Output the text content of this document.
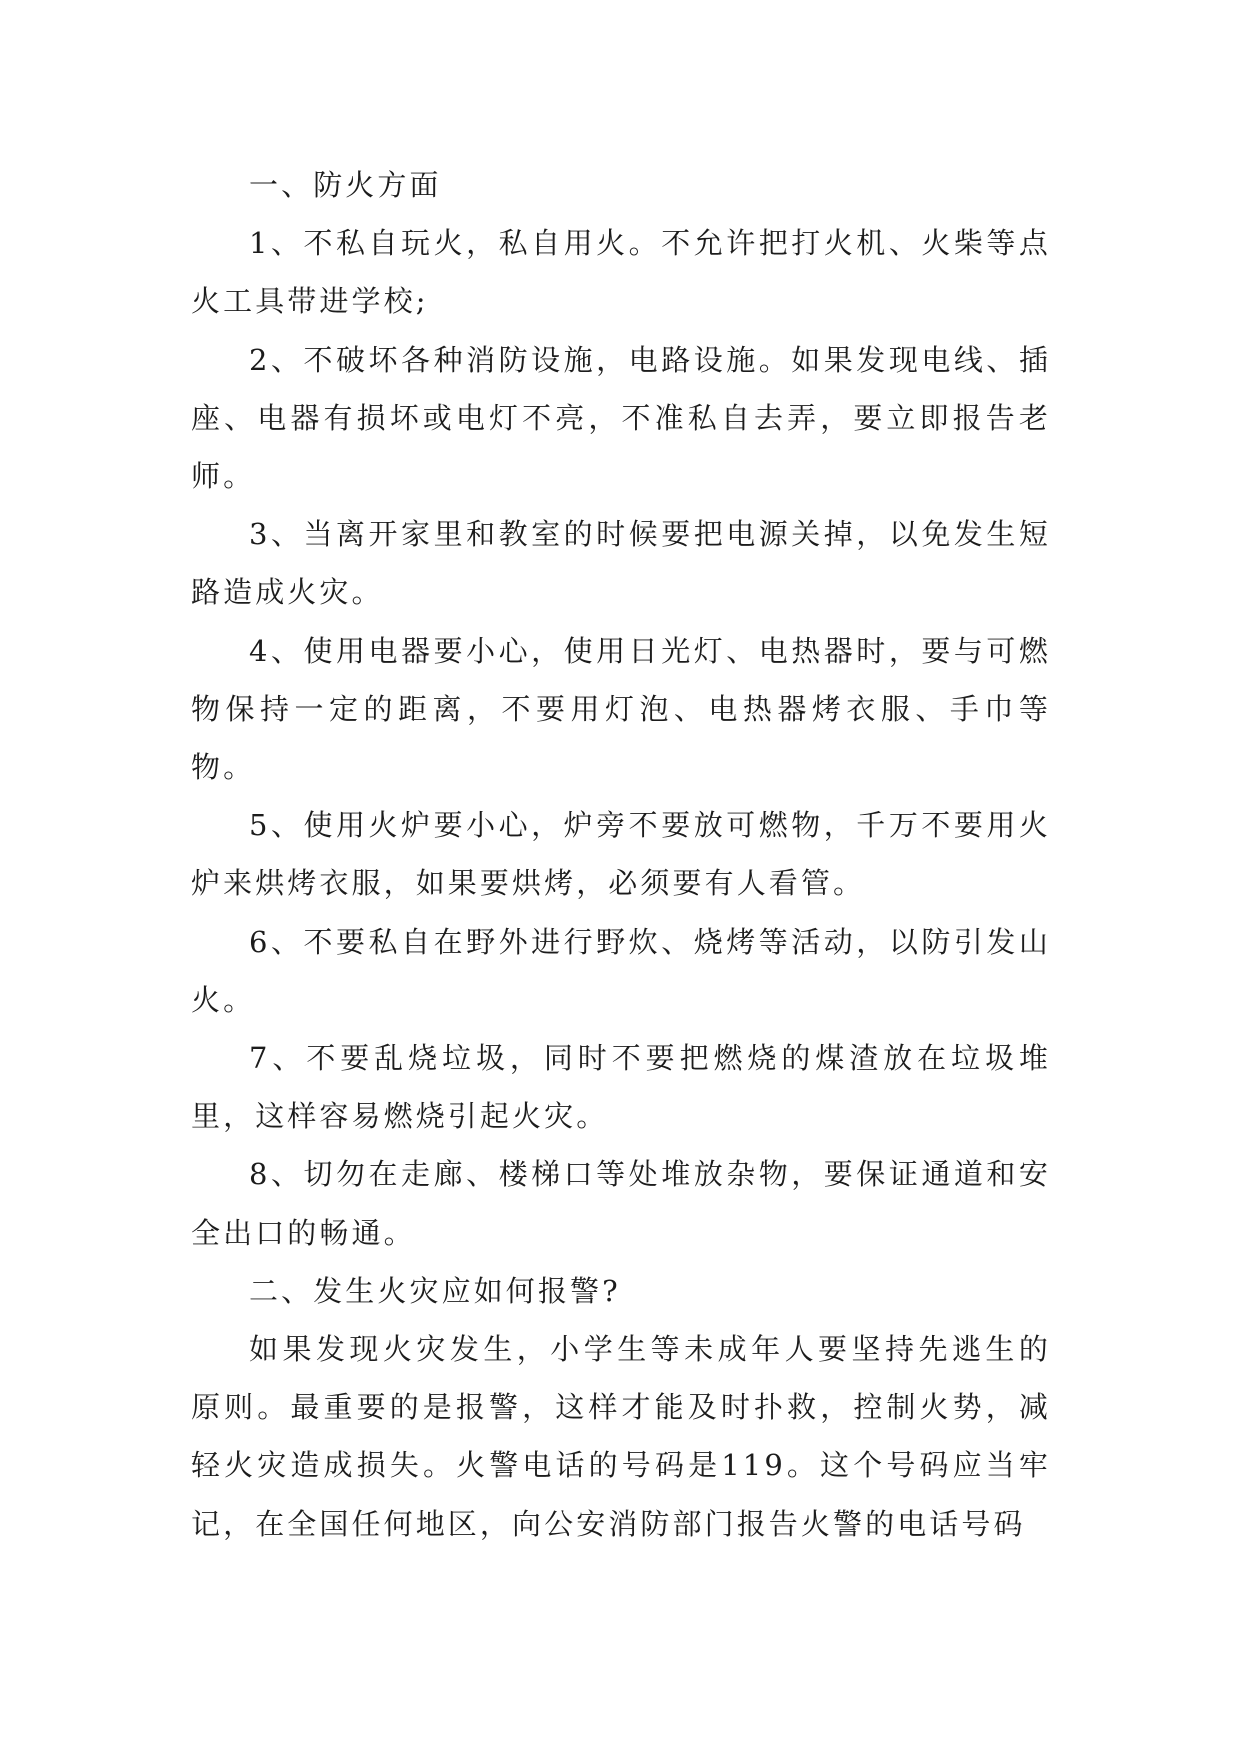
一、防火方面

1、不私自玩火，私自用火。不允许把打火机、火柴等点火工具带进学校;

2、不破坏各种消防设施，电路设施。如果发现电线、插座、电器有损坏或电灯不亮，不准私自去弄，要立即报告老师。

3、当离开家里和教室的时候要把电源关掉，以免发生短路造成火灾。

4、使用电器要小心，使用日光灯、电热器时，要与可燃物保持一定的距离，不要用灯泡、电热器烤衣服、手巾等物。

5、使用火炉要小心，炉旁不要放可燃物，千万不要用火炉来烘烤衣服，如果要烘烤，必须要有人看管。

6、不要私自在野外进行野炊、烧烤等活动，以防引发山火。

7、不要乱烧垃圾，同时不要把燃烧的煤渣放在垃圾堆里，这样容易燃烧引起火灾。

8、切勿在走廊、楼梯口等处堆放杂物，要保证通道和安全出口的畅通。

二、发生火灾应如何报警?

如果发现火灾发生，小学生等未成年人要坚持先逃生的原则。最重要的是报警，这样才能及时扑救，控制火势，减轻火灾造成损失。火警电话的号码是119。这个号码应当牢记，在全国任何地区，向公安消防部门报告火警的电话号码
